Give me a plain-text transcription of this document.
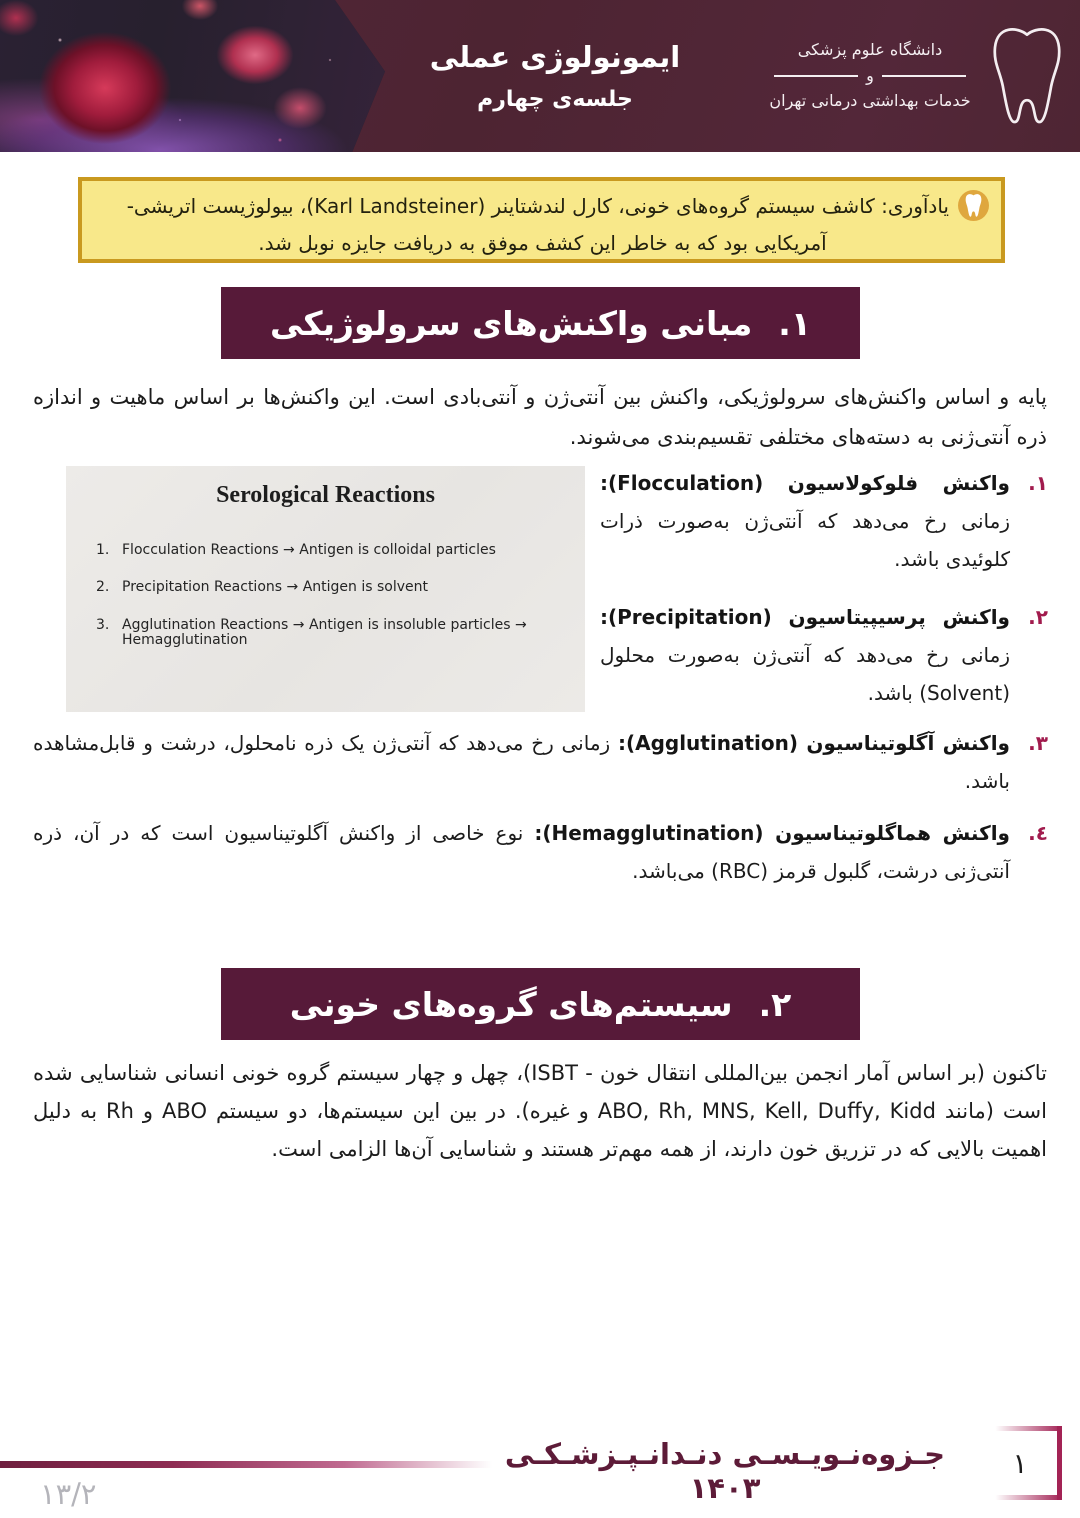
ایمونولوژی عملی
جلسه‌ی چهارم
دانشگاه علوم پزشکی
و
خدمات بهداشتی درمانی تهران
یادآوری: کاشف سیستم گروه‌های خونی، کارل لندشتاینر (Karl Landsteiner)، بیولوژیست اتریشی-
آمریکایی بود که به خاطر این کشف موفق به دریافت جایزه نوبل شد.
۱.
مبانی واکنش‌های سرولوژیکی

پایه و اساس واکنش‌های سرولوژیکی، واکنش بین آنتی‌ژن و آنتی‌بادی است. این واکنش‌ها بر اساس ماهیت و اندازه ذره آنتی‌ژنی به دسته‌های مختلفی تقسیم‌بندی می‌شوند.

Serological Reactions
1. Flocculation Reactions → Antigen is colloidal particles
2. Precipitation Reactions → Antigen is solvent
3. Agglutination Reactions → Antigen is insoluble particles → Hemagglutination
۱.
واکنش فلوکولاسیون (Flocculation): زمانی رخ می‌دهد که آنتی‌ژن به‌صورت ذرات کلوئیدی باشد.
۲.
واکنش پرسیپیتاسیون (Precipitation): زمانی رخ می‌دهد که آنتی‌ژن به‌صورت محلول (Solvent) باشد.
۳.
واکنش آگلوتیناسیون (Agglutination): زمانی رخ می‌دهد که آنتی‌ژن یک ذره نامحلول، درشت و قابل‌مشاهده باشد.
٤.
واکنش هماگلوتیناسیون (Hemagglutination): نوع خاصی از واکنش آگلوتیناسیون است که در آن، ذره آنتی‌ژنی درشت، گلبول قرمز (RBC) می‌باشد.
۲.
سیستم‌های گروه‌های خونی

تاکنون (بر اساس آمار انجمن بین‌المللی انتقال خون - ISBT)، چهل و چهار سیستم گروه خونی انسانی شناسایی شده است (مانند ABO, Rh, MNS, Kell, Duffy, Kidd و غیره). در بین این سیستم‌ها، دو سیستم ABO و Rh به دلیل اهمیت بالایی که در تزریق خون دارند، از همه مهم‌تر هستند و شناسایی آن‌ها الزامی است.

جـزوه‌نـویـسـی دنـدانـپـزشـکـی ۱۴۰۳
۱
۱۳/۲
